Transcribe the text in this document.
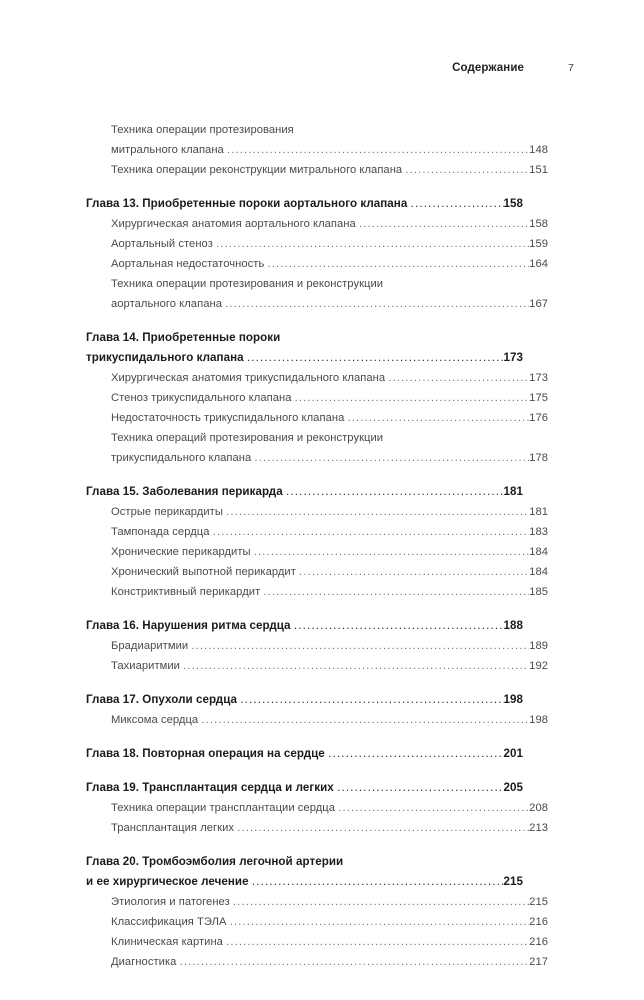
Содержание	7
Техника операции протезирования
митрального клапана .....	148
Техника операции реконструкции митрального клапана .....	151
Глава 13. Приобретенные пороки аортального клапана .....	158
Хирургическая анатомия аортального клапана .....	158
Аортальный стеноз .....	159
Аортальная недостаточность .....	164
Техника операции протезирования и реконструкции
аортального клапана .....	167
Глава 14. Приобретенные пороки
трикуспидального клапана .....	173
Хирургическая анатомия трикуспидального клапана .....	173
Стеноз трикуспидального клапана .....	175
Недостаточность трикуспидального клапана .....	176
Техника операций протезирования и реконструкции
трикуспидального клапана .....	178
Глава 15. Заболевания перикарда .....	181
Острые перикардиты .....	181
Тампонада сердца .....	183
Хронические перикардиты .....	184
Хронический выпотной перикардит .....	184
Констриктивный перикардит .....	185
Глава 16. Нарушения ритма сердца .....	188
Брадиаритмии .....	189
Тахиаритмии .....	192
Глава 17. Опухоли сердца .....	198
Миксома сердца .....	198
Глава 18. Повторная операция на сердце .....	201
Глава 19. Трансплантация сердца и легких .....	205
Техника операции трансплантации сердца .....	208
Трансплантация легких .....	213
Глава 20. Тромбоэмболия легочной артерии
и ее хирургическое лечение .....	215
Этиология и патогенез .....	215
Классификация ТЭЛА .....	216
Клиническая картина .....	216
Диагностика .....	217
